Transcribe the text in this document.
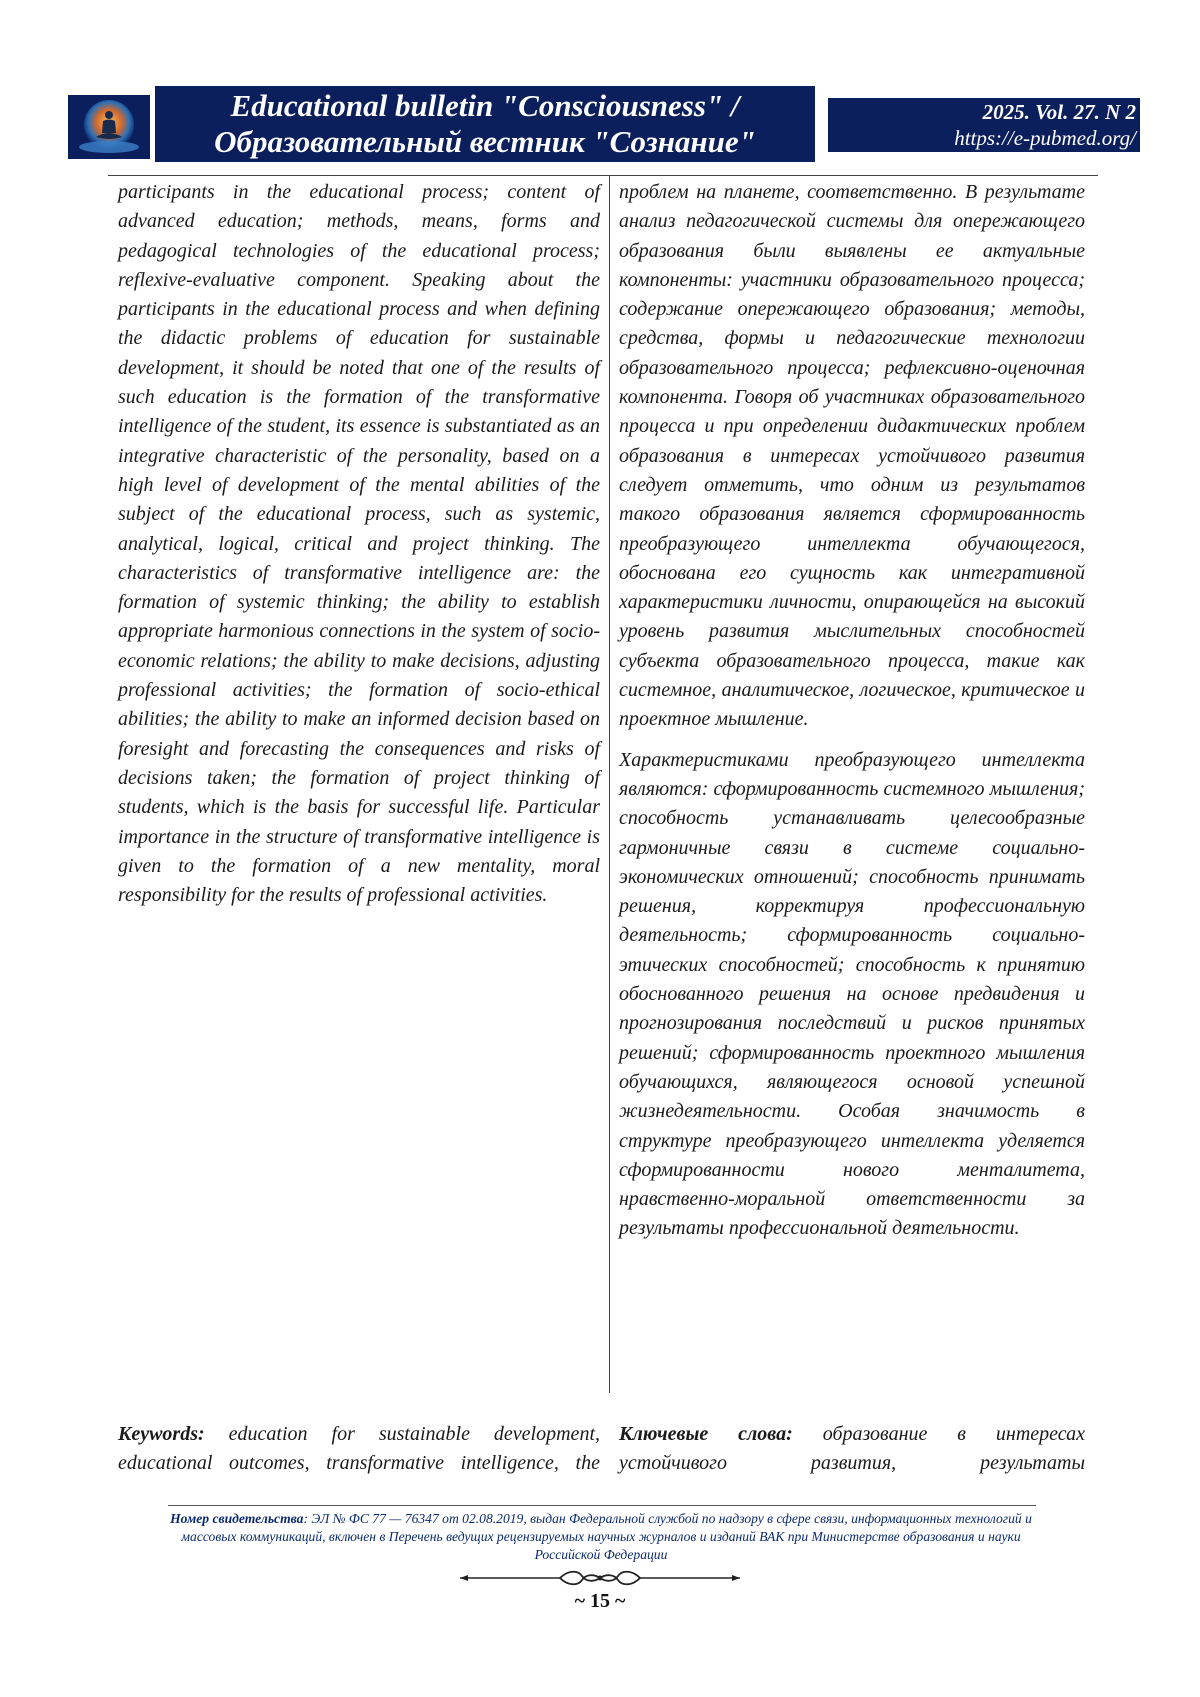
Educational bulletin "Consciousness" /
Образовательный вестник "Сознание"
2025. Vol. 27. N 2
https://e-pubmed.org/

participants in the educational process; content of advanced education; methods, means, forms and pedagogical technologies of the educational process; reflexive-evaluative component. Speaking about the participants in the educational process and when defining the didactic problems of education for sustainable development, it should be noted that one of the results of such education is the formation of the transformative intelligence of the student, its essence is substantiated as an integrative characteristic of the personality, based on a high level of development of the mental abilities of the subject of the educational process, such as systemic, analytical, logical, critical and project thinking. The characteristics of transformative intelligence are: the formation of systemic thinking; the ability to establish appropriate harmonious connections in the system of socio-economic relations; the ability to make decisions, adjusting professional activities; the formation of socio-ethical abilities; the ability to make an informed decision based on foresight and forecasting the consequences and risks of decisions taken; the formation of project thinking of students, which is the basis for successful life. Particular importance in the structure of transformative intelligence is given to the formation of a new mentality, moral responsibility for the results of professional activities.

проблем на планете, соответственно. В результате анализ педагогической системы для опережающего образования были выявлены ее актуальные компоненты: участники образовательного процесса; содержание опережающего образования; методы, средства, формы и педагогические технологии образовательного процесса; рефлексивно-оценочная компонента. Говоря об участниках образовательного процесса и при определении дидактических проблем образования в интересах устойчивого развития следует отметить, что одним из результатов такого образования является сформированность преобразующего интеллекта обучающегося, обоснована его сущность как интегративной характеристики личности, опирающейся на высокий уровень развития мыслительных способностей субъекта образовательного процесса, такие как системное, аналитическое, логическое, критическое и проектное мышление.

Характеристиками преобразующего интеллекта являются: сформированность системного мышления; способность устанавливать целесообразные гармоничные связи в системе социально-экономических отношений; способность принимать решения, корректируя профессиональную деятельность; сформированность социально-этических способностей; способность к принятию обоснованного решения на основе предвидения и прогнозирования последствий и рисков принятых решений; сформированность проектного мышления обучающихся, являющегося основой успешной жизнедеятельности. Особая значимость в структуре преобразующего интеллекта уделяется сформированности нового менталитета, нравственно-моральной ответственности за результаты профессиональной деятельности.

Keywords: education for sustainable development, educational outcomes, transformative intelligence, the
Ключевые слова: образование в интересах устойчивого развития, результаты
Номер свидетельства: ЭЛ № ФС 77 — 76347 от 02.08.2019, выдан Федеральной службой по надзору в сфере связи, информационных технологий и массовых коммуникаций, включен в Перечень ведущих рецензируемых научных журналов и изданий ВАК при Министерстве образования и науки Российской Федерации
~ 15 ~
